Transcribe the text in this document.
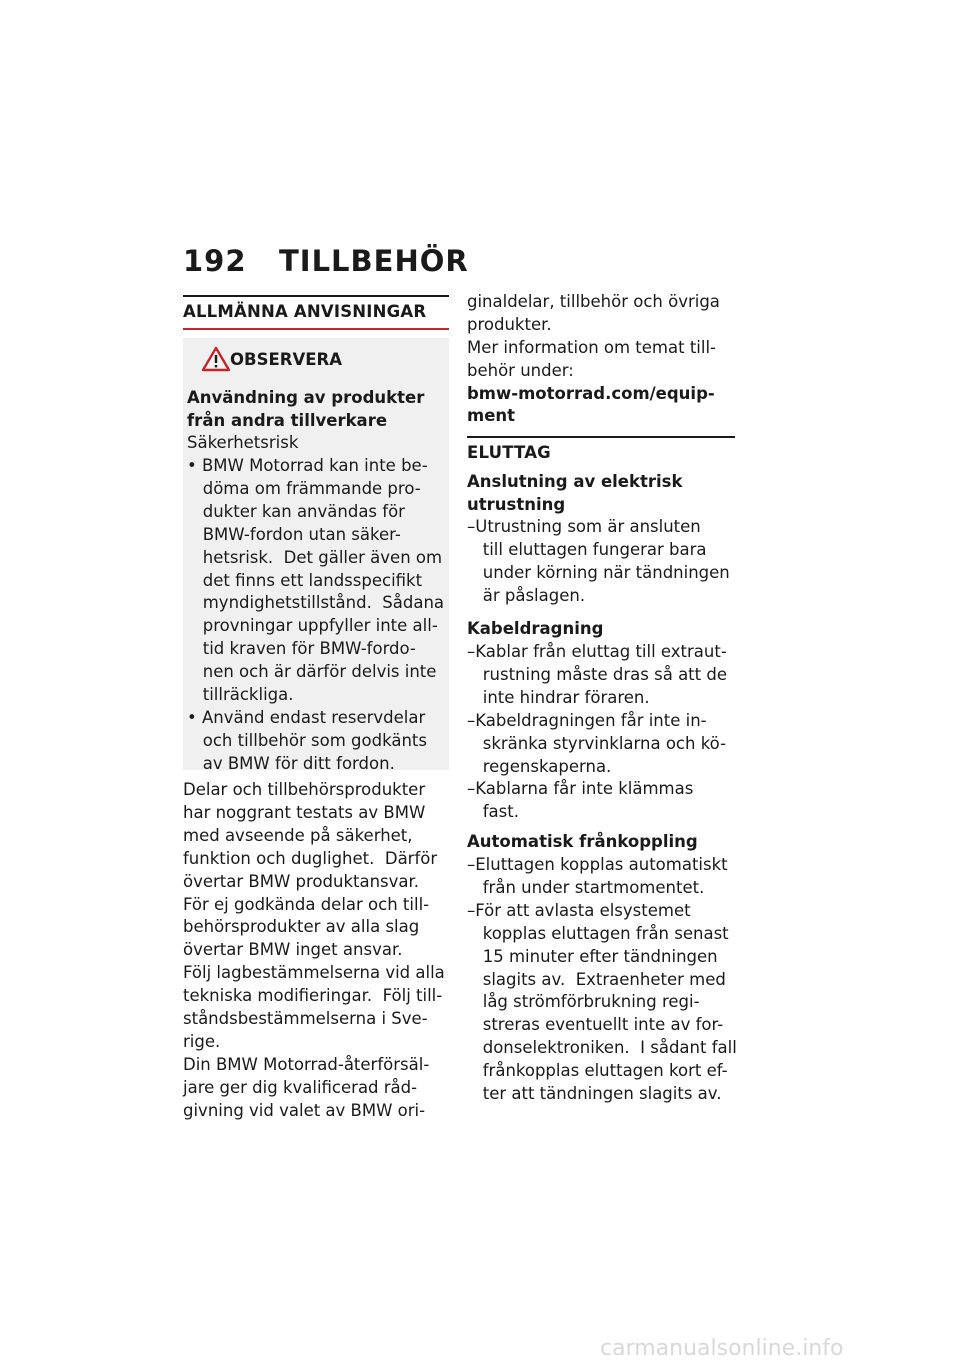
192 TILLBEHÖR
ALLMÄNNA ANVISNINGAR
OBSERVERA
Användning av produkter
från andra tillverkare
Säkerhetsrisk
• BMW Motorrad kan inte be-
döma om främmande pro-
dukter kan användas för
BMW-fordon utan säker-
hetsrisk.  Det gäller även om
det finns ett landsspecifikt
myndighetstillstånd.  Sådana
provningar uppfyller inte all-
tid kraven för BMW-fordo-
nen och är därför delvis inte
tillräckliga.
• Använd endast reservdelar
och tillbehör som godkänts
av BMW för ditt fordon.
Delar och tillbehörsprodukter
har noggrant testats av BMW
med avseende på säkerhet,
funktion och duglighet.  Därför
övertar BMW produktansvar.
För ej godkända delar och till-
behörsprodukter av alla slag
övertar BMW inget ansvar.
Följ lagbestämmelserna vid alla
tekniska modifieringar.  Följ till-
ståndsbestämmelserna i Sve-
rige.
Din BMW Motorrad-återförsäl-
jare ger dig kvalificerad råd-
givning vid valet av BMW ori-
ginaldelar, tillbehör och övriga
produkter.
Mer information om temat till-
behör under:
bmw-motorrad.com/equip-
ment
ELUTTAG
Anslutning av elektrisk
utrustning
–Utrustning som är ansluten
till eluttagen fungerar bara
under körning när tändningen
är påslagen.
Kabeldragning
–Kablar från eluttag till extraut-
rustning måste dras så att de
inte hindrar föraren.
–Kabeldragningen får inte in-
skränka styrvinklarna och kö-
regenskaperna.
–Kablarna får inte klämmas
fast.
Automatisk frånkoppling
–Eluttagen kopplas automatiskt
från under startmomentet.
–För att avlasta elsystemet
kopplas eluttagen från senast
15 minuter efter tändningen
slagits av.  Extraenheter med
låg strömförbrukning regi-
streras eventuellt inte av for-
donselektroniken.  I sådant fall
frånkopplas eluttagen kort ef-
ter att tändningen slagits av.
carmanualsonline.info
